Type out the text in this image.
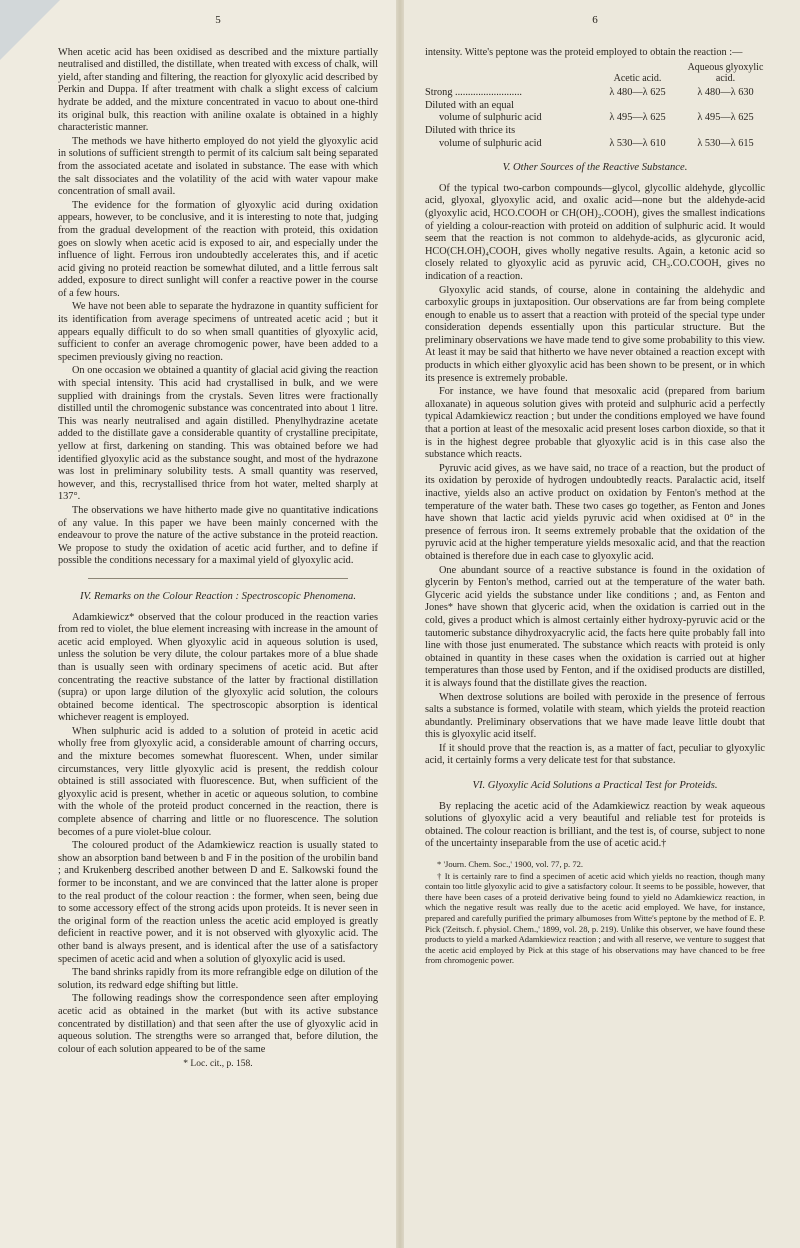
5

When acetic acid has been oxidised as described and the mixture partially neutralised and distilled, the distillate, when treated with excess of chalk, will yield, after standing and filtering, the reaction for glyoxylic acid described by Perkin and Duppa. If after treatment with chalk a slight excess of calcium hydrate be added, and the mixture concentrated in vacuo to about one-third its original bulk, this reaction with aniline oxalate is obtained in a highly characteristic manner.

The methods we have hitherto employed do not yield the glyoxylic acid in solutions of sufficient strength to permit of its calcium salt being separated from the associated acetate and isolated in substance. The ease with which the salt dissociates and the volatility of the acid with water vapour make concentration of small avail.

The evidence for the formation of glyoxylic acid during oxidation appears, however, to be conclusive, and it is interesting to note that, judging from the gradual development of the reaction with proteid, this oxidation goes on slowly when acetic acid is exposed to air, and especially under the influence of light. Ferrous iron undoubtedly accelerates this, and if acetic acid giving no proteid reaction be somewhat diluted, and a little ferrous salt added, exposure to direct sunlight will confer a reactive power in the course of a few hours.

We have not been able to separate the hydrazone in quantity sufficient for its identification from average specimens of untreated acetic acid ; but it appears equally difficult to do so when small quantities of glyoxylic acid, sufficient to confer an average chromogenic power, have been added to a specimen previously giving no reaction.

On one occasion we obtained a quantity of glacial acid giving the reaction with special intensity. This acid had crystallised in bulk, and we were supplied with drainings from the crystals. Seven litres were fractionally distilled until the chromogenic substance was concentrated into about 1 litre. This was nearly neutralised and again distilled. Phenylhydrazine acetate added to the distillate gave a considerable quantity of crystalline precipitate, yellow at first, darkening on standing. This was obtained before we had identified glyoxylic acid as the substance sought, and most of the hydrazone was lost in preliminary solubility tests. A small quantity was reserved, however, and this, recrystallised thrice from hot water, melted sharply at 137°.

The observations we have hitherto made give no quantitative indications of any value. In this paper we have been mainly concerned with the endeavour to prove the nature of the active substance in the proteid reaction. We propose to study the oxidation of acetic acid further, and to define if possible the conditions necessary for a maximal yield of glyoxylic acid.

IV. Remarks on the Colour Reaction : Spectroscopic Phenomena.

Adamkiewicz* observed that the colour produced in the reaction varies from red to violet, the blue element increasing with increase in the amount of acetic acid employed. When glyoxylic acid in aqueous solution is used, unless the solution be very dilute, the colour partakes more of a blue shade than is usually seen with ordinary specimens of acetic acid. But after concentrating the reactive substance of the latter by fractional distillation (supra) or upon large dilution of the glyoxylic acid solution, the colours obtained become identical. The spectroscopic absorption is identical whichever reagent is employed.

When sulphuric acid is added to a solution of proteid in acetic acid wholly free from glyoxylic acid, a considerable amount of charring occurs, and the mixture becomes somewhat fluorescent. When, under similar circumstances, very little glyoxylic acid is present, the reddish colour obtained is still associated with fluorescence. But, when sufficient of the glyoxylic acid is present, whether in acetic or aqueous solution, to combine with the whole of the proteid product concerned in the reaction, there is complete absence of charring and little or no fluorescence. The solution becomes of a pure violet-blue colour.

The coloured product of the Adamkiewicz reaction is usually stated to show an absorption band between b and F in the position of the urobilin band ; and Krukenberg described another between D and E. Salkowski found the former to be inconstant, and we are convinced that the latter alone is proper to the real product of the colour reaction : the former, when seen, being due to some accessory effect of the strong acids upon proteids. It is never seen in the original form of the reaction unless the acetic acid employed is greatly deficient in reactive power, and it is not observed with glyoxylic acid. The other band is always present, and is identical after the use of a satisfactory specimen of acetic acid and when a solution of glyoxylic acid is used.

The band shrinks rapidly from its more refrangible edge on dilution of the solution, its redward edge shifting but little.

The following readings show the correspondence seen after employing acetic acid as obtained in the market (but with its active substance concentrated by distillation) and that seen after the use of glyoxylic acid in aqueous solution. The strengths were so arranged that, before dilution, the colour of each solution appeared to be of the same

* Loc. cit., p. 158.
6

intensity. Witte's peptone was the proteid employed to obtain the reaction :—

	Acetic acid.	Aqueous glyoxylic acid.
Strong ..........................	λ 480—λ 625	λ 480—λ 630
Diluted with an equal		
volume of sulphuric acid	λ 495—λ 625	λ 495—λ 625
Diluted with thrice its		
volume of sulphuric acid	λ 530—λ 610	λ 530—λ 615
V. Other Sources of the Reactive Substance.

Of the typical two-carbon compounds—glycol, glycollic aldehyde, glycollic acid, glyoxal, glyoxylic acid, and oxalic acid—none but the aldehyde-acid (glyoxylic acid, HCO.COOH or CH(OH)₂.COOH), gives the smallest indications of yielding a colour-reaction with proteid on addition of sulphuric acid. It would seem that the reaction is not common to aldehyde-acids, as glycuronic acid, HCO(CH.OH)₄COOH, gives wholly negative results. Again, a ketonic acid so closely related to glyoxylic acid as pyruvic acid, CH₃.CO.COOH, gives no indication of a reaction.

Glyoxylic acid stands, of course, alone in containing the aldehydic and carboxylic groups in juxtaposition. Our observations are far from being complete enough to enable us to assert that a reaction with proteid of the special type under consideration depends essentially upon this particular structure. But the preliminary observations we have made tend to give some probability to this view. At least it may be said that hitherto we have never obtained a reaction except with products in which either glyoxylic acid has been shown to be present, or in which its presence is extremely probable.

For instance, we have found that mesoxalic acid (prepared from barium alloxanate) in aqueous solution gives with proteid and sulphuric acid a perfectly typical Adamkiewicz reaction ; but under the conditions employed we have found that a portion at least of the mesoxalic acid present loses carbon dioxide, so that it is in the highest degree probable that glyoxylic acid is in this case also the substance which reacts.

Pyruvic acid gives, as we have said, no trace of a reaction, but the product of its oxidation by peroxide of hydrogen undoubtedly reacts. Paralactic acid, itself inactive, yields also an active product on oxidation by Fenton's method at the temperature of the water bath. These two cases go together, as Fenton and Jones have shown that lactic acid yields pyruvic acid when oxidised at 0° in the presence of ferrous iron. It seems extremely probable that the oxidation of the pyruvic acid at the higher temperature yields mesoxalic acid, and that the reaction obtained is therefore due in each case to glyoxylic acid.

One abundant source of a reactive substance is found in the oxidation of glycerin by Fenton's method, carried out at the temperature of the water bath. Glyceric acid yields the substance under like conditions ; and, as Fenton and Jones* have shown that glyceric acid, when the oxidation is carried out in the cold, gives a product which is almost certainly either hydroxy-pyruvic acid or the tautomeric substance dihydroxyacrylic acid, the facts here quite probably fall into line with those just enumerated. The substance which reacts with proteid is only obtained in quantity in these cases when the oxidation is carried out at higher temperatures than those used by Fenton, and if the oxidised products are distilled, it is always found that the distillate gives the reaction.

When dextrose solutions are boiled with peroxide in the presence of ferrous salts a substance is formed, volatile with steam, which yields the proteid reaction abundantly. Preliminary observations that we have made leave little doubt that this is glyoxylic acid itself.

If it should prove that the reaction is, as a matter of fact, peculiar to glyoxylic acid, it certainly forms a very delicate test for that substance.

VI. Glyoxylic Acid Solutions a Practical Test for Proteids.

By replacing the acetic acid of the Adamkiewicz reaction by weak aqueous solutions of glyoxylic acid a very beautiful and reliable test for proteids is obtained. The colour reaction is brilliant, and the test is, of course, subject to none of the uncertainty inseparable from the use of acetic acid.†

* 'Journ. Chem. Soc.,' 1900, vol. 77, p. 72.

† It is certainly rare to find a specimen of acetic acid which yields no reaction, though many contain too little glyoxylic acid to give a satisfactory colour. It seems to be possible, however, that there have been cases of a proteid derivative being found to yield no Adamkiewicz reaction, in which the negative result was really due to the acetic acid employed. We have, for instance, prepared and carefully purified the primary albumoses from Witte's peptone by the method of E. P. Pick ('Zeitsch. f. physiol. Chem.,' 1899, vol. 28, p. 219). Unlike this observer, we have found these products to yield a marked Adamkiewicz reaction ; and with all reserve, we venture to suggest that the acetic acid employed by Pick at this stage of his observations may have chanced to be free from chromogenic power.
